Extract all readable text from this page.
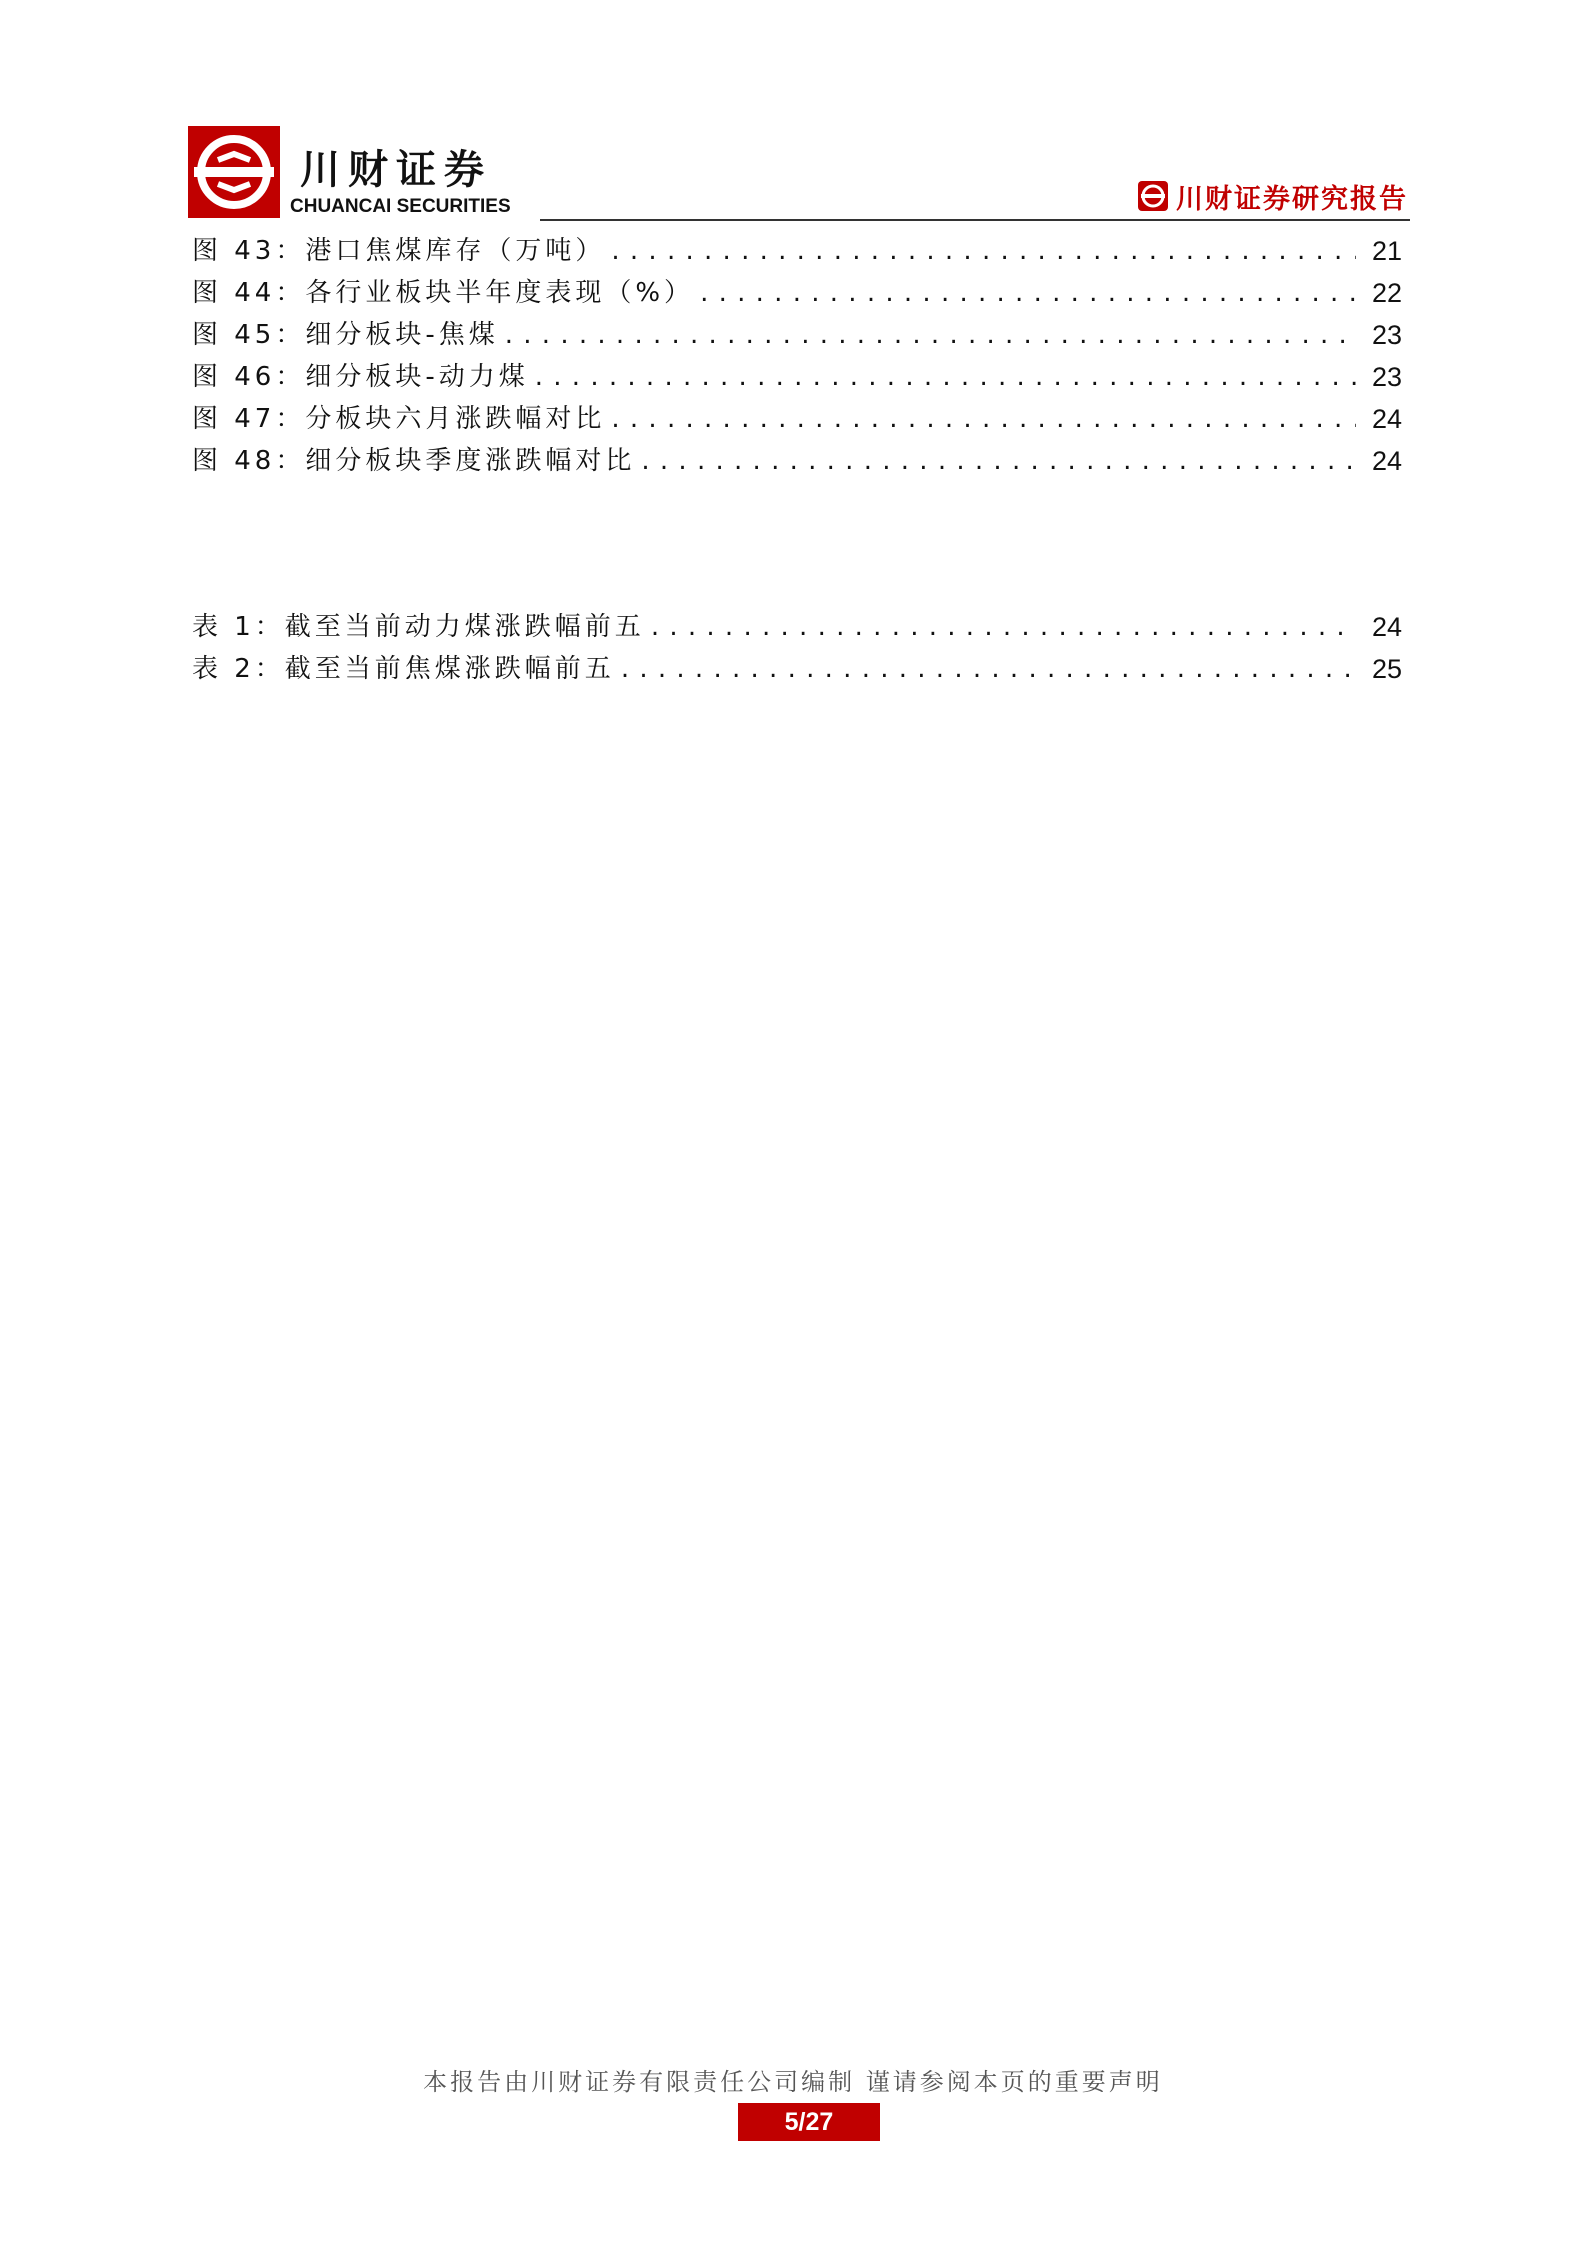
川财证券
CHUANCAI SECURITIES	川财证券研究报告
图 43：港口焦煤库存（万吨） . . .	21
图 44：各行业板块半年度表现（%） . . .	22
图 45：细分板块-焦煤 . . .	23
图 46：细分板块-动力煤 . . .	23
图 47：分板块六月涨跌幅对比 . . .	24
图 48：细分板块季度涨跌幅对比 . . .	24
表 1：截至当前动力煤涨跌幅前五 . . .	24
表 2：截至当前焦煤涨跌幅前五 . . .	25
本报告由川财证券有限责任公司编制 谨请参阅本页的重要声明
5/27
